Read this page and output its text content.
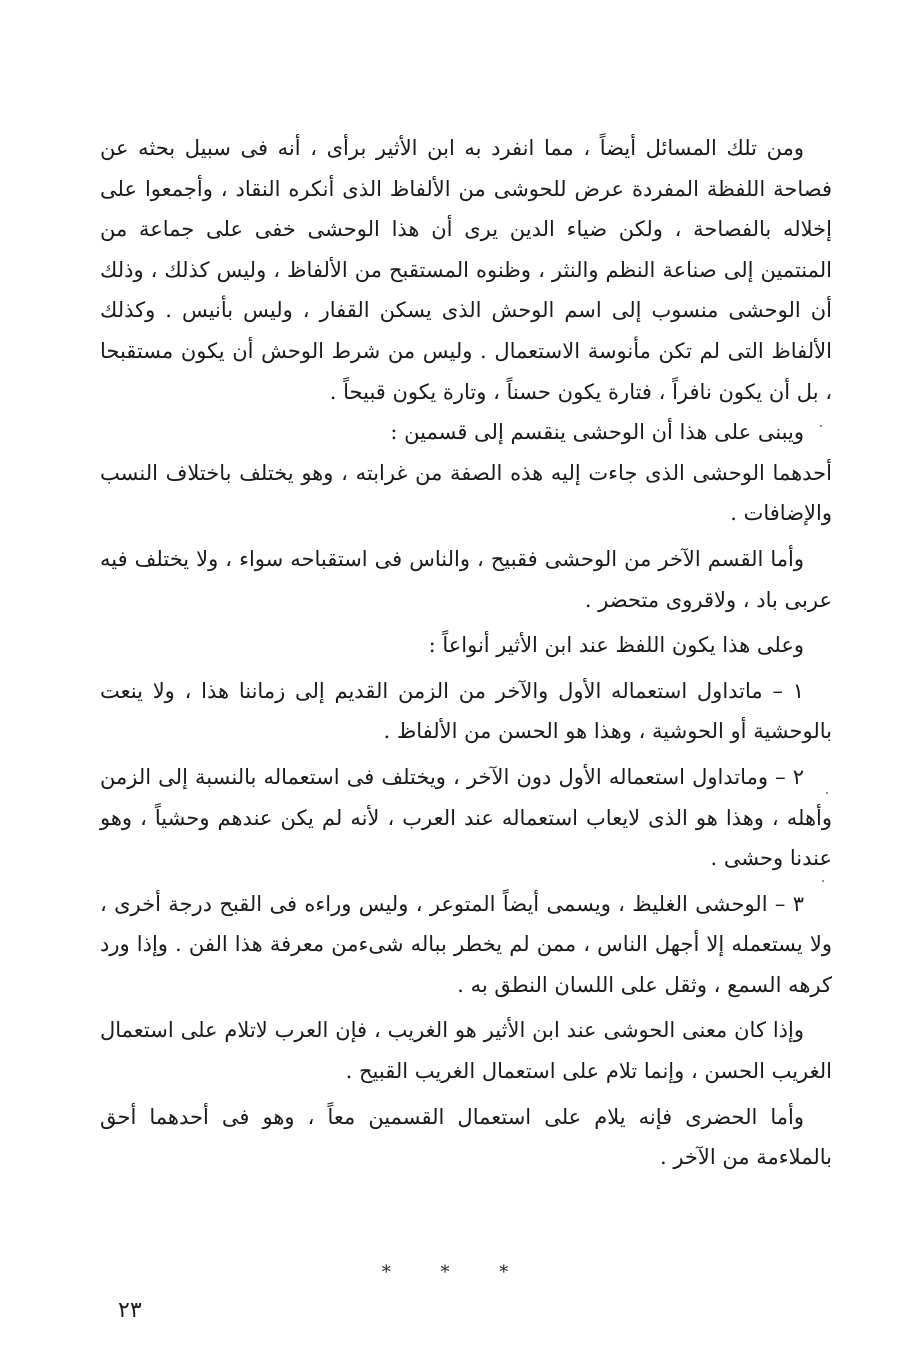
ومن تلك المسائل أيضاً ، مما انفرد به ابن الأثير برأى ، أنه فى سبيل بحثه عن فصاحة اللفظة المفردة عرض للحوشى من الألفاظ الذى أنكره النقاد ، وأجمعوا على إخلاله بالفصاحة ، ولكن ضياء الدين يرى أن هذا الوحشى خفى على جماعة من المنتمين إلى صناعة النظم والنثر ، وظنوه المستقبح من الألفاظ ، وليس كذلك ، وذلك أن الوحشى منسوب إلى اسم الوحش الذى يسكن القفار ، وليس بأنيس . وكذلك الألفاظ التى لم تكن مأنوسة الاستعمال . وليس من شرط الوحش أن يكون مستقبحا ، بل أن يكون نافراً ، فتارة يكون حسناً ، وتارة يكون قبيحاً .

ويبنى على هذا أن الوحشى ينقسم إلى قسمين :

أحدهما الوحشى الذى جاءت إليه هذه الصفة من غرابته ، وهو يختلف باختلاف النسب والإضافات .

وأما القسم الآخر من الوحشى فقبيح ، والناس فى استقباحه سواء ، ولا يختلف فيه عربى باد ، ولاقروى متحضر .

وعلى هذا يكون اللفظ عند ابن الأثير أنواعاً :

١ – ماتداول استعماله الأول والآخر من الزمن القديم إلى زماننا هذا ، ولا ينعت بالوحشية أو الحوشية ، وهذا هو الحسن من الألفاظ .

٢ – وماتداول استعماله الأول دون الآخر ، ويختلف فى استعماله بالنسبة إلى الزمن وأهله ، وهذا هو الذى لايعاب استعماله عند العرب ، لأنه لم يكن عندهم وحشياً ، وهو عندنا وحشى .

٣ – الوحشى الغليظ ، ويسمى أيضاً المتوعر ، وليس وراءه فى القبح درجة أخرى ، ولا يستعمله إلا أجهل الناس ، ممن لم يخطر بباله شىءمن معرفة هذا الفن . وإذا ورد كرهه السمع ، وثقل على اللسان النطق به .

وإذا كان معنى الحوشى عند ابن الأثير هو الغريب ، فإن العرب لاتلام على استعمال الغريب الحسن ، وإنما تلام على استعمال الغريب القبيح .

وأما الحضرى فإنه يلام على استعمال القسمين معاً ، وهو فى أحدهما أحق بالملاءمة من الآخر .

* * *
٢٣
